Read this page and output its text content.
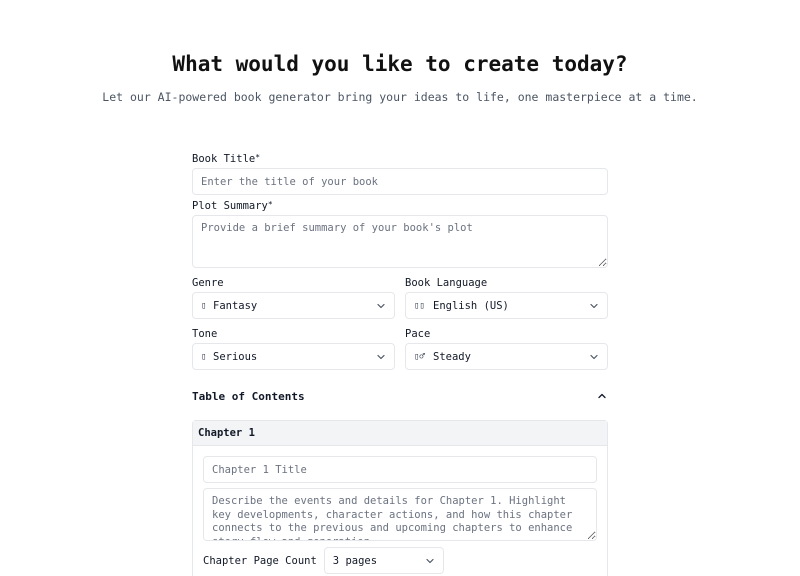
What would you like to create today?

Let our AI-powered book generator bring your ideas to life, one masterpiece at a time.

Book Title*
Enter the title of your book
Plot Summary*
Provide a brief summary of your book's plot
Genre
▯ Fantasy
Book Language
▯▯ English (US)
Tone
▯ Serious
Pace
▯♂ Steady
Table of Contents
Chapter 1
Chapter 1 Title
Describe the events and details for Chapter 1. Highlight key developments, character actions, and how this chapter connects to the previous and upcoming chapters to enhance story flow and generation.
Chapter Page Count 3 pages
